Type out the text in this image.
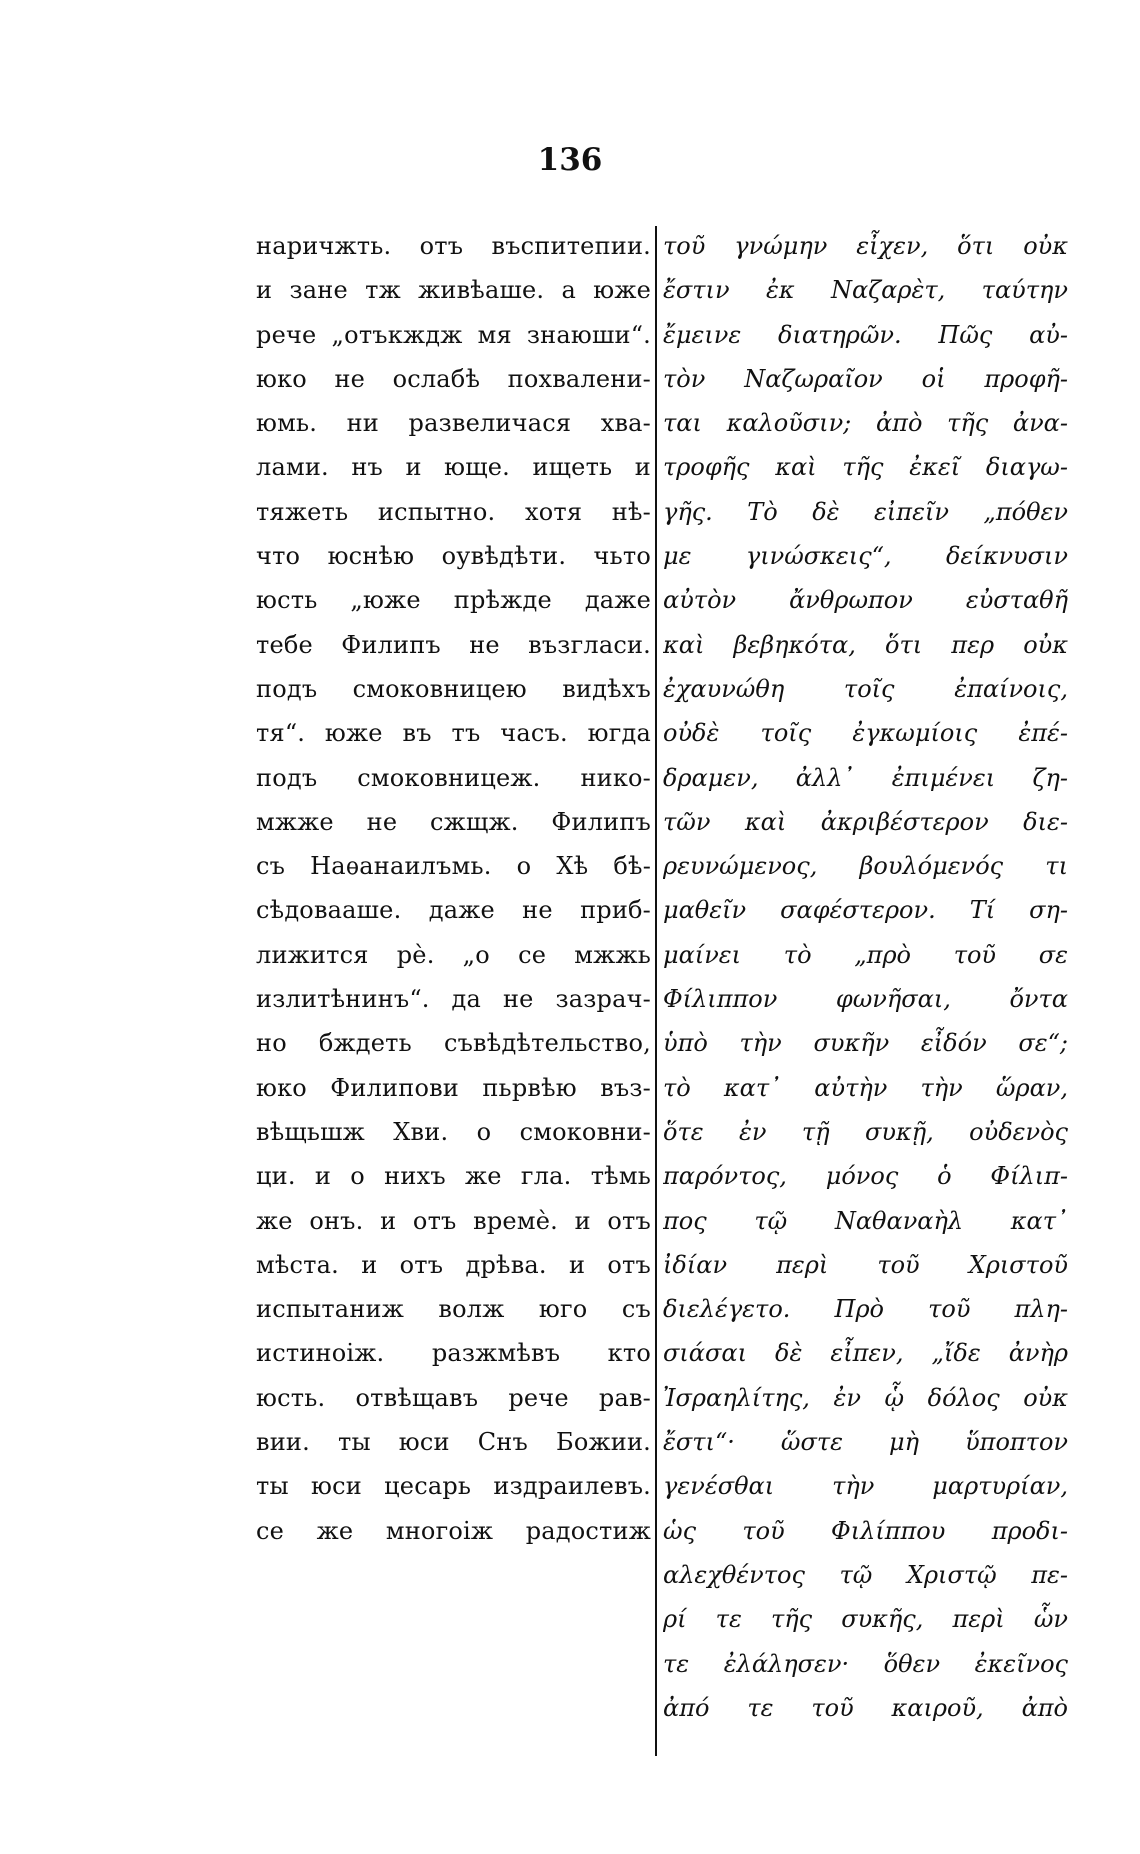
136
наричжть. отъ въспитепии.
и зане тж живѣаше. а юже
рече „отъкждж мя знаюши“.
юко не ослабѣ похвалени-
юмь. ни развеличася хва-
лами. нъ и юще. ищеть и
тяжеть испытно. хотя нѣ-
что юснѣю оувѣдѣти. чьто
юсть „юже прѣжде даже
тебе Филипъ не възгласи.
подъ смоковницею видѣхъ
тя“. юже въ тъ часъ. югда
подъ смоковницеж. нико-
мжже не сжщж. Филипъ
съ Наѳанаилъмь. о Хѣ бѣ-
сѣдовааше. даже не приб-
лижится рѐ. „о се мжжь
излитѣнинъ“. да не зазрач-
но бждеть съвѣдѣтельство,
юко Филипови пьрвѣю въз-
вѣщьшж Хви. о смоковни-
ци. и о нихъ же гла. тѣмь
же онъ. и отъ времѐ. и отъ
мѣста. и отъ дрѣва. и отъ
испытаниж волж юго съ
истиноіж. разжмѣвъ кто
юсть. отвѣщавъ рече рав-
вии. ты юси Снъ Божии.
ты юси цесарь издраилевъ.
се же многоіж радостиж
τοῦ γνώμην εἶχεν, ὅτι οὐκ
ἔστιν ἐκ Ναζαρὲτ, ταύτην
ἔμεινε διατηρῶν. Πῶς αὐ-
τὸν Ναζωραῖον οἱ προφῆ-
ται καλοῦσιν; ἀπὸ τῆς ἀνα-
τροφῆς καὶ τῆς ἐκεῖ διαγω-
γῆς. Τὸ δὲ εἰπεῖν „πόθεν
με γινώσκεις“, δείκνυσιν
αὐτὸν ἄνθρωπον εὐσταθῆ
καὶ βεβηκότα, ὅτι περ οὐκ
ἐχαυνώθη τοῖς ἐπαίνοις,
οὐδὲ τοῖς ἐγκωμίοις ἐπέ-
δραμεν, ἀλλ᾽ ἐπιμένει ζη-
τῶν καὶ ἀκριβέστερον διε-
ρευνώμενος, βουλόμενός τι
μαθεῖν σαφέστερον. Τί ση-
μαίνει τὸ „πρὸ τοῦ σε
Φίλιππον φωνῆσαι, ὄντα
ὑπὸ τὴν συκῆν εἶδόν σε“;
τὸ κατ᾽ αὐτὴν τὴν ὥραν,
ὅτε ἐν τῇ συκῇ, οὐδενὸς
παρόντος, μόνος ὁ Φίλιπ-
πος τῷ Ναθαναὴλ κατ᾽
ἰδίαν περὶ τοῦ Χριστοῦ
διελέγετο. Πρὸ τοῦ πλη-
σιάσαι δὲ εἶπεν, „ἴδε ἀνὴρ
Ἰσραηλίτης, ἐν ᾧ δόλος οὐκ
ἔστι“· ὥστε μὴ ὕποπτον
γενέσθαι τὴν μαρτυρίαν,
ὡς τοῦ Φιλίππου προδι-
αλεχθέντος τῷ Χριστῷ πε-
ρί τε τῆς συκῆς, περὶ ὧν
τε ἐλάλησεν· ὅθεν ἐκεῖνος
ἀπό τε τοῦ καιροῦ, ἀπὸ
